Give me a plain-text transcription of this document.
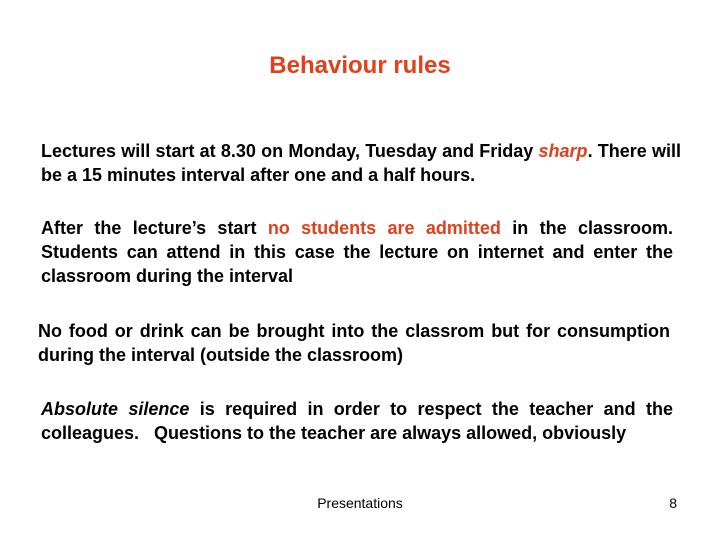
Behaviour rules
Lectures will start at 8.30 on Monday, Tuesday and Friday sharp. There will be a 15 minutes interval after one and a half hours.
After the lecture’s start no students are admitted in the classroom. Students can attend in this case the lecture on internet and enter the classroom during the interval
No food or drink can be brought into the classrom but for consumption during the interval (outside the classroom)
Absolute silence is required in order to respect the teacher and the colleagues.   Questions to the teacher are always allowed, obviously
Presentations	8
